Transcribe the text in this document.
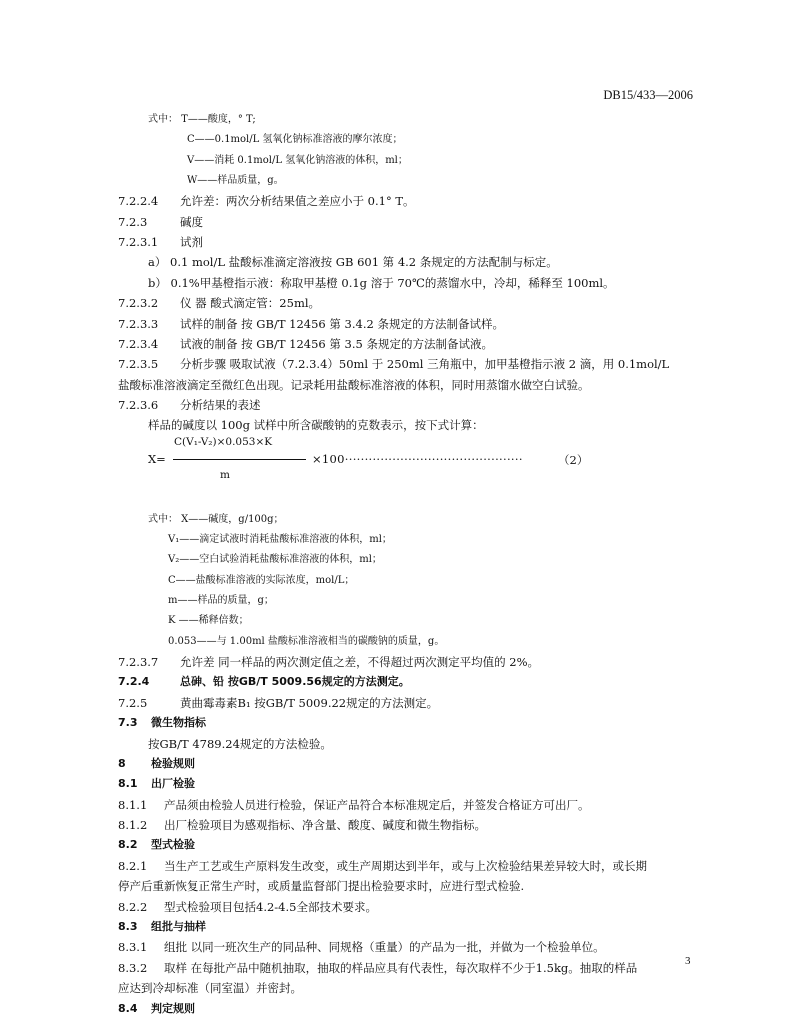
DB15/433—2006
式中： T——酸度，° T;
C——0.1mol/L 氢氧化钠标准溶液的摩尔浓度；
V——消耗 0.1mol/L 氢氧化钠溶液的体积，ml；
W——样品质量，g。
7.2.2.4 允许差：两次分析结果值之差应小于 0.1° T。
7.2.3	碱度
7.2.3.1 试剂
a） 0.1 mol/L 盐酸标准滴定溶液按 GB 601 第 4.2 条规定的方法配制与标定。
b） 0.1%甲基橙指示液：称取甲基橙 0.1g 溶于 70℃的蒸馏水中，冷却，稀释至 100ml。
7.2.3.2 仪 器 酸式滴定管：25ml。
7.2.3.3 试样的制备 按 GB/T 12456 第 3.4.2 条规定的方法制备试样。
7.2.3.4 试液的制备 按 GB/T 12456 第 3.5 条规定的方法制备试液。
7.2.3.5 分析步骤 吸取试液（7.2.3.4）50ml 于 250ml 三角瓶中，加甲基橙指示液 2 滴，用 0.1mol/L
盐酸标准溶液滴定至微红色出现。记录耗用盐酸标准溶液的体积，同时用蒸馏水做空白试验。
7.2.3.6 分析结果的表述
样品的碱度以 100g 试样中所含碳酸钠的克数表示，按下式计算：
C(V₁-V₂)×0.053×K
X=	×100·············································	（2）
m
式中： X——碱度，g/100g；
V₁——滴定试液时消耗盐酸标准溶液的体积，ml；
V₂——空白试验消耗盐酸标准溶液的体积，ml；
C——盐酸标准溶液的实际浓度，mol/L；
m——样品的质量，g；
K ——稀释倍数；
0.053——与 1.00ml 盐酸标准溶液相当的碳酸钠的质量，g。
7.2.3.7 允许差 同一样品的两次测定值之差，不得超过两次测定平均值的 2%。
7.2.4	总砷、铅 按GB/T 5009.56规定的方法测定。
7.2.5	黄曲霉毒素B₁ 按GB/T 5009.22规定的方法测定。
7.3 微生物指标
按GB/T 4789.24规定的方法检验。
8 检验规则
8.1 出厂检验
8.1.1 产品须由检验人员进行检验，保证产品符合本标准规定后，并签发合格证方可出厂。
8.1.2 出厂检验项目为感观指标、净含量、酸度、碱度和微生物指标。
8.2 型式检验
8.2.1 当生产工艺或生产原料发生改变，或生产周期达到半年，或与上次检验结果差异较大时，或长期
停产后重新恢复正常生产时，或质量监督部门提出检验要求时，应进行型式检验.
8.2.2 型式检验项目包括4.2-4.5全部技术要求。
8.3 组批与抽样
8.3.1 组批 以同一班次生产的同品种、同规格（重量）的产品为一批，并做为一个检验单位。
8.3.2 取样 在每批产品中随机抽取，抽取的样品应具有代表性，每次取样不少于1.5kg。抽取的样品
应达到冷却标准（同室温）并密封。
8.4 判定规则
3
